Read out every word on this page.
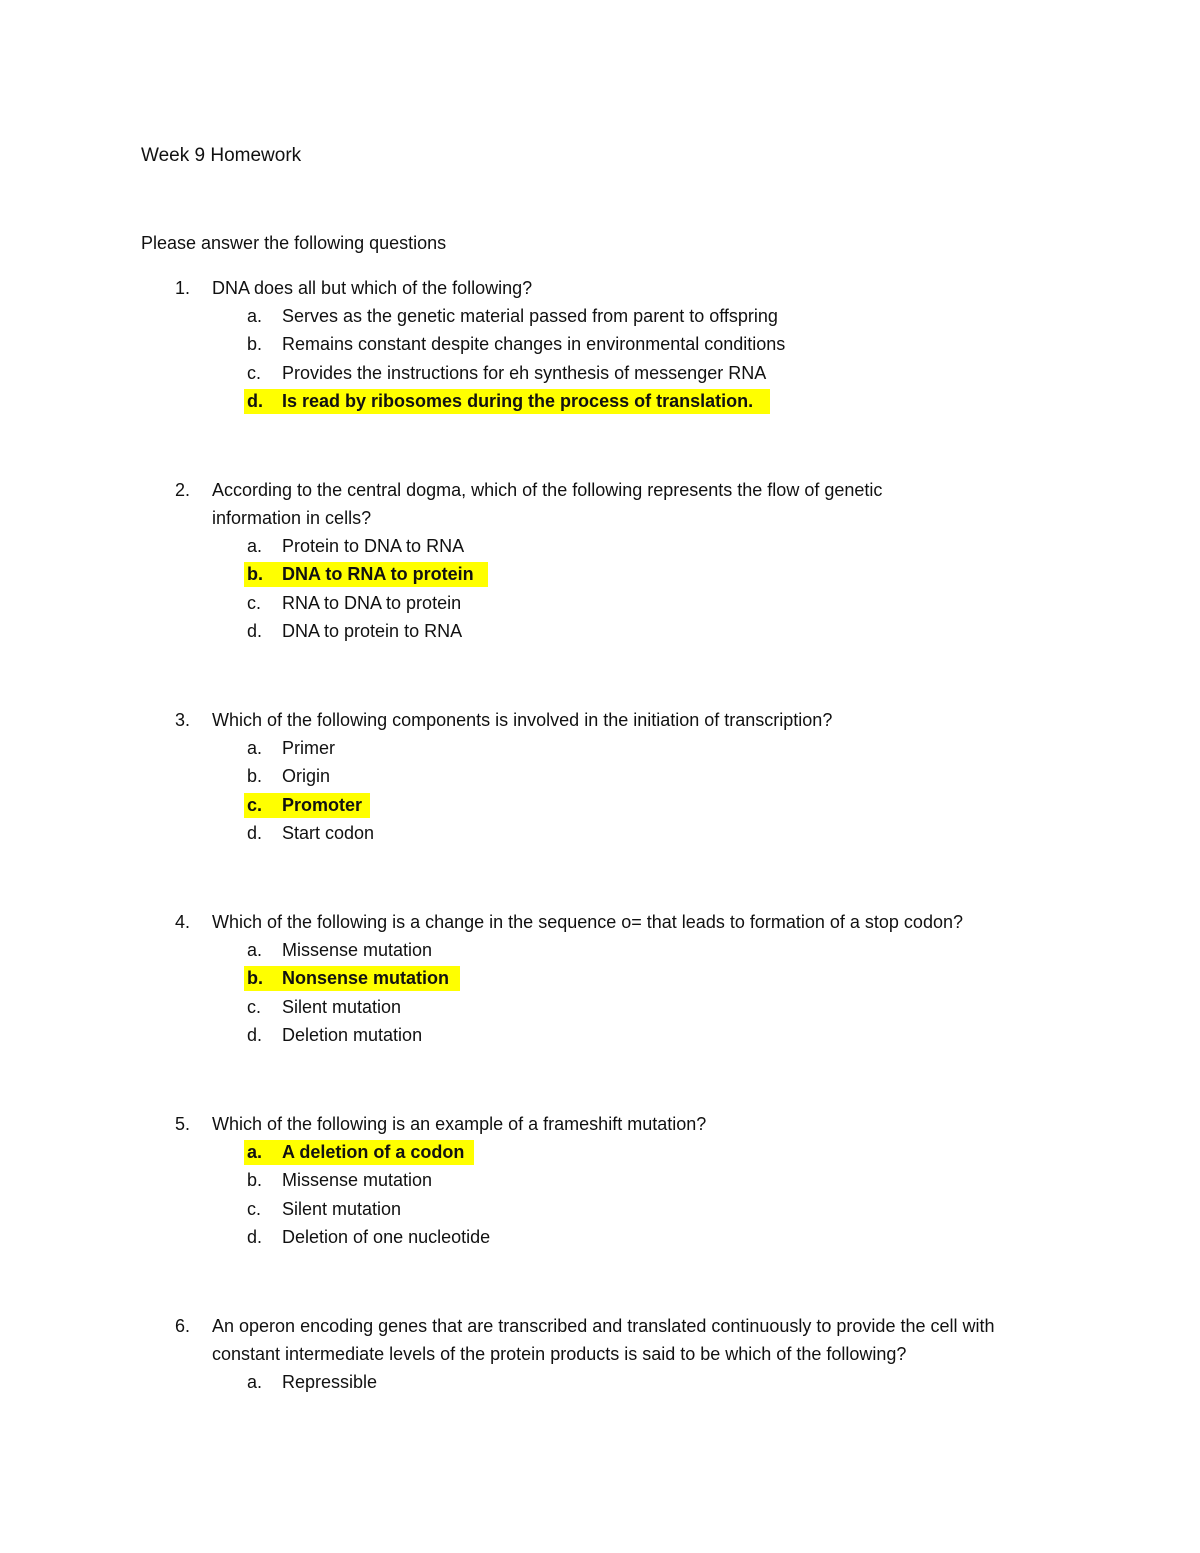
Week 9 Homework

Please answer the following questions

1. DNA does all but which of the following?
a. Serves as the genetic material passed from parent to offspring
b. Remains constant despite changes in environmental conditions
c. Provides the instructions for eh synthesis of messenger RNA
d. Is read by ribosomes during the process of translation.
2. According to the central dogma, which of the following represents the flow of genetic information in cells?
a. Protein to DNA to RNA
b. DNA to RNA to protein
c. RNA to DNA to protein
d. DNA to protein to RNA
3. Which of the following components is involved in the initiation of transcription?
a. Primer
b. Origin
c. Promoter
d. Start codon
4. Which of the following is a change in the sequence o= that leads to formation of a stop codon?
a. Missense mutation
b. Nonsense mutation
c. Silent mutation
d. Deletion mutation
5. Which of the following is an example of a frameshift mutation?
a. A deletion of a codon
b. Missense mutation
c. Silent mutation
d. Deletion of one nucleotide
6. An operon encoding genes that are transcribed and translated continuously to provide the cell with constant intermediate levels of the protein products is said to be which of the following?
a. Repressible
